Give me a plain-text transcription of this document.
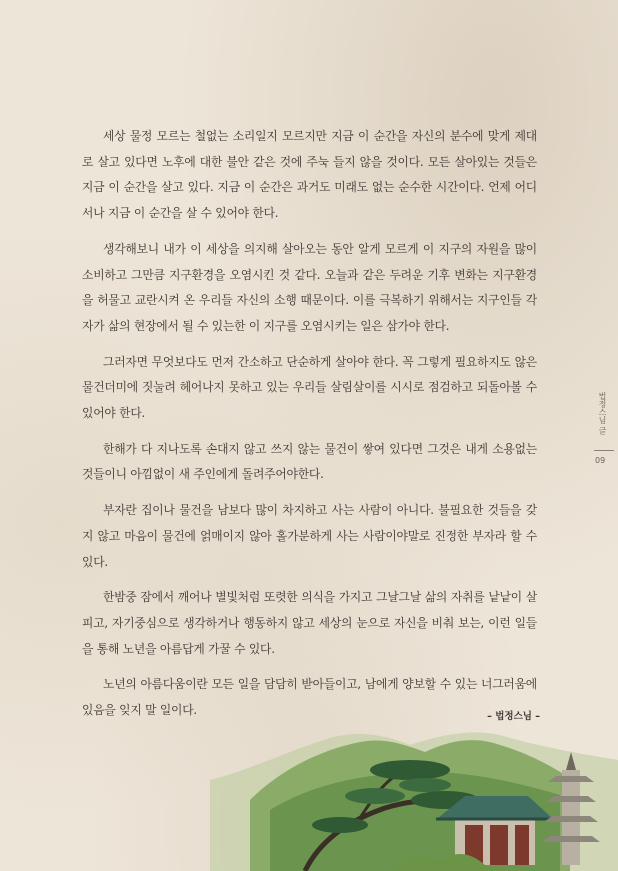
세상 물정 모르는 철없는 소리일지 모르지만 지금 이 순간을 자신의 분수에 맞게 제대로 살고 있다면 노후에 대한 불안 같은 것에 주눅 들지 않을 것이다. 모든 살아있는 것들은 지금 이 순간을 살고 있다. 지금 이 순간은 과거도 미래도 없는 순수한 시간이다. 언제 어디서나 지금 이 순간을 살 수 있어야 한다.

생각해보니 내가 이 세상을 의지해 살아오는 동안 알게 모르게 이 지구의 자원을 많이 소비하고 그만큼 지구환경을 오염시킨 것 같다. 오늘과 같은 두려운 기후 변화는 지구환경을 허물고 교란시켜 온 우리들 자신의 소행 때문이다. 이를 극복하기 위해서는 지구인들 각자가 삶의 현장에서 될 수 있는한 이 지구를 오염시키는 일은 삼가야 한다.

그러자면 무엇보다도 먼저 간소하고 단순하게 살아야 한다. 꼭 그렇게 필요하지도 않은 물건더미에 짓눌려 헤어나지 못하고 있는 우리들 살림살이를 시시로 점검하고 되돌아볼 수 있어야 한다.

한해가 다 지나도록 손대지 않고 쓰지 않는 물건이 쌓여 있다면 그것은 내게 소용없는 것들이니 아낌없이 새 주인에게 돌려주어야한다.

부자란 집이나 물건을 남보다 많이 차지하고 사는 사람이 아니다. 불필요한 것들을 갖지 않고 마음이 물건에 얽매이지 않아 홀가분하게 사는 사람이야말로 진정한 부자라 할 수 있다.

한밤중 잠에서 깨어나 별빛처럼 또렷한 의식을 가지고 그날그날 삶의 자취를 낱낱이 살피고, 자기중심으로 생각하거나 행동하지 않고 세상의 눈으로 자신을 비춰 보는, 이런 일들을 통해 노년을 아름답게 가꿀 수 있다.

노년의 아름다움이란 모든 일을 담담히 받아들이고, 남에게 양보할 수 있는 너그러움에 있음을 잊지 말 일이다.	– 법정스님 –
법정스님 글
09
